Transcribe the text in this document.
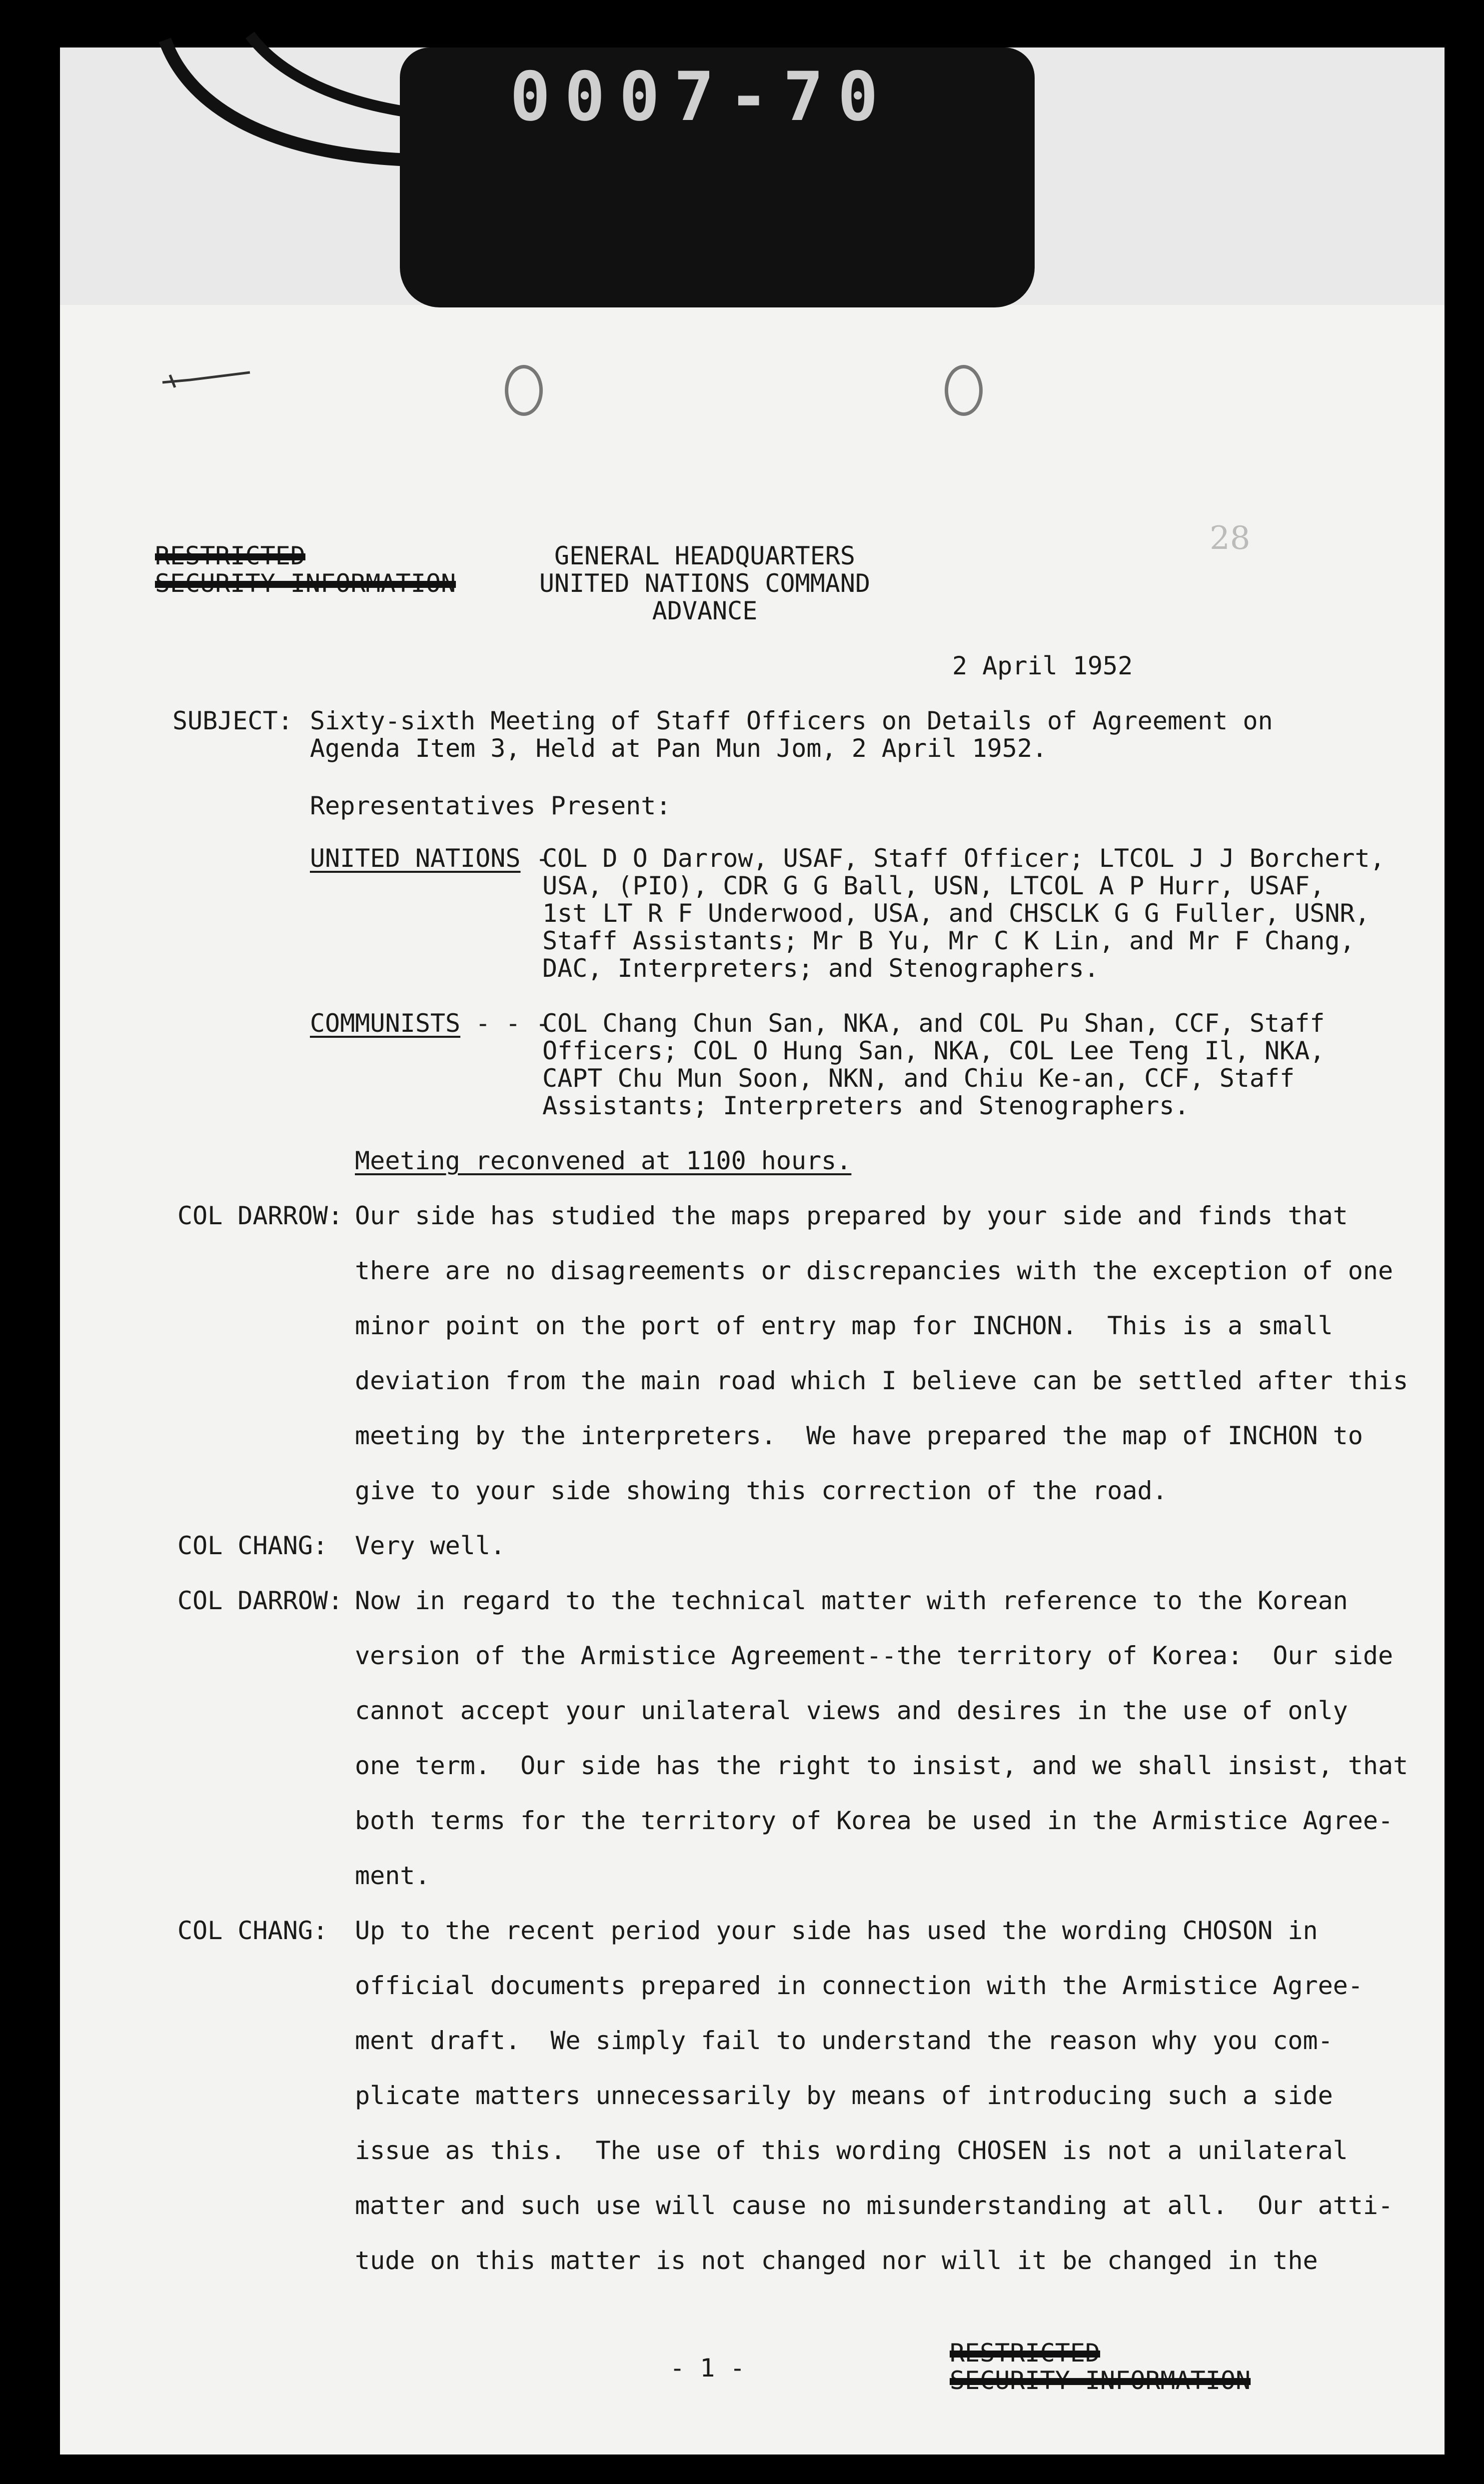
0007-70
28
RESTRICTED
SECURITY INFORMATION
GENERAL HEADQUARTERS
UNITED NATIONS COMMAND
ADVANCE
2 April 1952
SUBJECT: Sixty-sixth Meeting of Staff Officers on Details of Agreement on
Agenda Item 3, Held at Pan Mun Jom, 2 April 1952.
Representatives Present:
UNITED NATIONS -
COL D O Darrow, USAF, Staff Officer; LTCOL J J Borchert,
USA, (PIO), CDR G G Ball, USN, LTCOL A P Hurr, USAF,
1st LT R F Underwood, USA, and CHSCLK G G Fuller, USNR,
Staff Assistants; Mr B Yu, Mr C K Lin, and Mr F Chang,
DAC, Interpreters; and Stenographers.
COMMUNISTS - - -
COL Chang Chun San, NKA, and COL Pu Shan, CCF, Staff
Officers; COL O Hung San, NKA, COL Lee Teng Il, NKA,
CAPT Chu Mun Soon, NKN, and Chiu Ke-an, CCF, Staff
Assistants; Interpreters and Stenographers.
Meeting reconvened at 1100 hours.
COL DARROW: Our side has studied the maps prepared by your side and finds that
there are no disagreements or discrepancies with the exception of one
minor point on the port of entry map for INCHON.  This is a small
deviation from the main road which I believe can be settled after this
meeting by the interpreters.  We have prepared the map of INCHON to
give to your side showing this correction of the road.
COL CHANG: Very well.
COL DARROW: Now in regard to the technical matter with reference to the Korean
version of the Armistice Agreement--the territory of Korea:  Our side
cannot accept your unilateral views and desires in the use of only
one term.  Our side has the right to insist, and we shall insist, that
both terms for the territory of Korea be used in the Armistice Agree-
ment.
COL CHANG: Up to the recent period your side has used the wording CHOSON in
official documents prepared in connection with the Armistice Agree-
ment draft.  We simply fail to understand the reason why you com-
plicate matters unnecessarily by means of introducing such a side
issue as this.  The use of this wording CHOSEN is not a unilateral
matter and such use will cause no misunderstanding at all.  Our atti-
tude on this matter is not changed nor will it be changed in the
- 1 -
RESTRICTED
SECURITY INFORMATION
